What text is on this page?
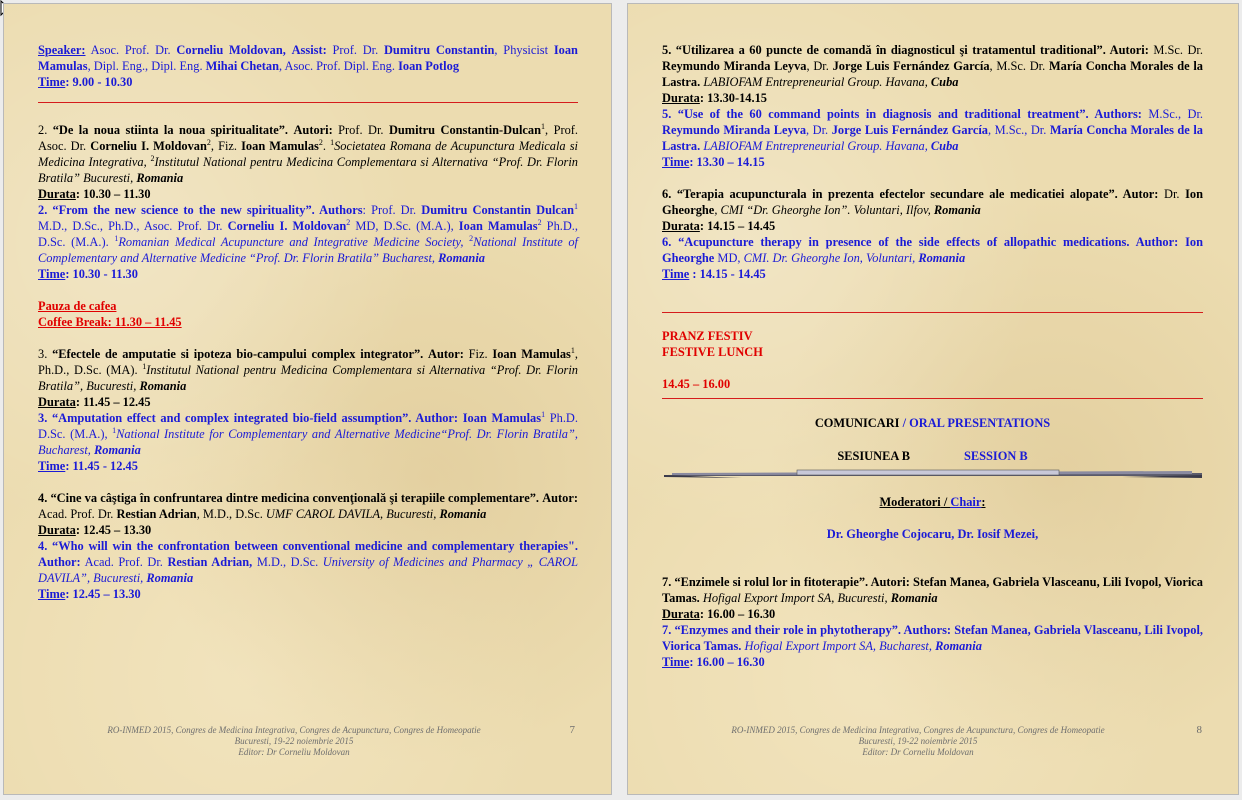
Speaker: Asoc. Prof. Dr. Corneliu Moldovan, Assist: Prof. Dr. Dumitru Constantin, Physicist Ioan Mamulas, Dipl. Eng., Dipl. Eng. Mihai Chetan, Asoc. Prof. Dipl. Eng. Ioan Potlog
Time: 9.00 - 10.30
2. “De la noua stiinta la noua spiritualitate”. Autori: Prof. Dr. Dumitru Constantin-Dulcan$^1$, Prof. Asoc. Dr. Corneliu I. Moldovan$^2$, Fiz. Ioan Mamulas$^2$. $^1$Societatea Romana de Acupunctura Medicala si Medicina Integrativa, $^2$Institutul National pentru Medicina Complementara si Alternativa “Prof. Dr. Florin Bratila” Bucuresti, Romania
Durata: 10.30 – 11.30
2. “From the new science to the new spirituality”. Authors: Prof. Dr. Dumitru Constantin Dulcan$^1$ M.D., D.Sc., Ph.D., Asoc. Prof. Dr. Corneliu I. Moldovan$^2$ MD, D.Sc. (M.A.), Ioan Mamulas$^2$ Ph.D., D.Sc. (M.A.). $^1$Romanian Medical Acupuncture and Integrative Medicine Society, $^2$National Institute of Complementary and Alternative Medicine “Prof. Dr. Florin Bratila” Bucharest, Romania
Time: 10.30 - 11.30
Pauza de cafea
Coffee Break: 11.30 – 11.45
3. “Efectele de amputatie si ipoteza bio-campului complex integrator”. Autor: Fiz. Ioan Mamulas$^1$, Ph.D., D.Sc. (MA). $^1$Institutul National pentru Medicina Complementara si Alternativa “Prof. Dr. Florin Bratila”, Bucuresti, Romania
Durata: 11.45 – 12.45
3. “Amputation effect and complex integrated bio-field assumption”. Author: Ioan Mamulas$^1$ Ph.D. D.Sc. (M.A.), $^1$National Institute for Complementary and Alternative Medicine“Prof. Dr. Florin Bratila”, Bucharest, Romania
Time: 11.45 - 12.45
4. “Cine va câştiga în confruntarea dintre medicina convenţională şi terapiile complementare”. Autor: Acad. Prof. Dr. Restian Adrian, M.D., D.Sc. UMF CAROL DAVILA, Bucuresti, Romania
Durata: 12.45 – 13.30
4. “Who will win the confrontation between conventional medicine and complementary therapies". Author: Acad. Prof. Dr. Restian Adrian, M.D., D.Sc. University of Medicines and Pharmacy „ CAROL DAVILA”, Bucuresti, Romania
Time: 12.45 – 13.30
RO-INMED 2015, Congres de Medicina Integrativa, Congres de Acupunctura, Congres de Homeopatie
Bucuresti, 19-22 noiembrie 2015
Editor: Dr Corneliu Moldovan
7
5. “Utilizarea a 60 puncte de comandă în diagnosticul şi tratamentul traditional”. Autori: M.Sc. Dr. Reymundo Miranda Leyva, Dr. Jorge Luis Fernández García, M.Sc. Dr. María Concha Morales de la Lastra. LABIOFAM Entrepreneurial Group. Havana, Cuba
Durata: 13.30-14.15
5. “Use of the 60 command points in diagnosis and traditional treatment”. Authors: M.Sc., Dr. Reymundo Miranda Leyva, Dr. Jorge Luis Fernández García, M.Sc., Dr. María Concha Morales de la Lastra. LABIOFAM Entrepreneurial Group. Havana, Cuba
Time: 13.30 – 14.15
6. “Terapia acupuncturala in prezenta efectelor secundare ale medicatiei alopate”. Autor: Dr. Ion Gheorghe, CMI “Dr. Gheorghe Ion”. Voluntari, Ilfov, Romania
Durata: 14.15 – 14.45
6. “Acupuncture therapy in presence of the side effects of allopathic medications. Author: Ion Gheorghe MD, CMI. Dr. Gheorghe Ion, Voluntari, Romania
Time : 14.15 - 14.45
PRANZ FESTIV
FESTIVE LUNCH
14.45 – 16.00
COMUNICARI / ORAL PRESENTATIONS
SESIUNEA B	SESSION B
Moderatori / Chair:
Dr. Gheorghe Cojocaru, Dr. Iosif Mezei,
7. “Enzimele si rolul lor in fitoterapie”. Autori: Stefan Manea, Gabriela Vlasceanu, Lili Ivopol, Viorica Tamas. Hofigal Export Import SA, Bucuresti, Romania
Durata: 16.00 – 16.30
7. “Enzymes and their role in phytotherapy”. Authors: Stefan Manea, Gabriela Vlasceanu, Lili Ivopol, Viorica Tamas. Hofigal Export Import SA, Bucharest, Romania
Time: 16.00 – 16.30
RO-INMED 2015, Congres de Medicina Integrativa, Congres de Acupunctura, Congres de Homeopatie
Bucuresti, 19-22 noiembrie 2015
Editor: Dr Corneliu Moldovan
8
